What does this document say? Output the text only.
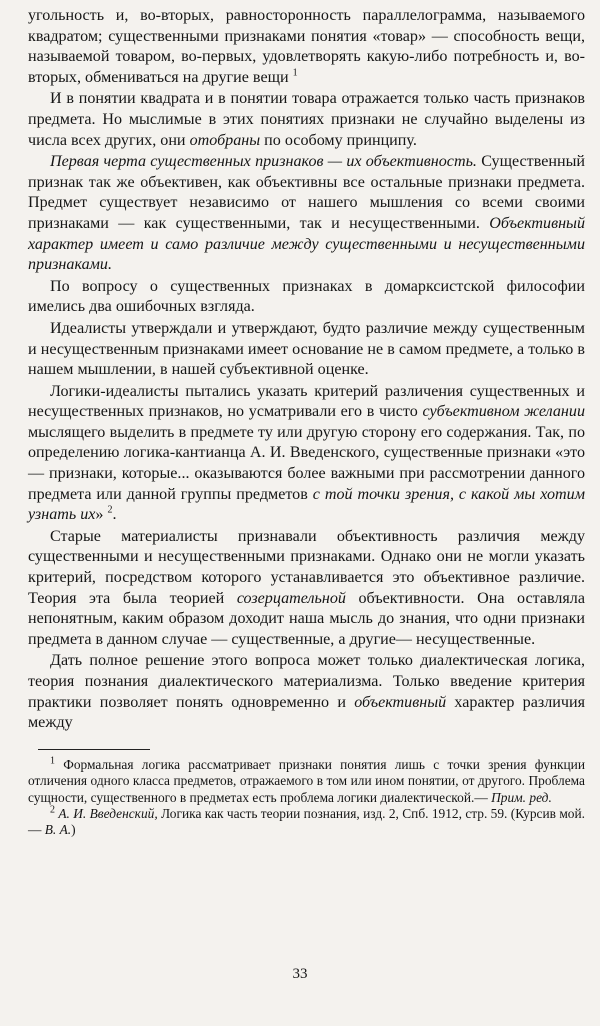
угольность и, во-вторых, равносторонность параллелограмма, называемого квадратом; существенными признаками понятия «товар» — способность вещи, называемой товаром, во-первых, удовлетворять какую-либо потребность и, во-вторых, обмениваться на другие вещи $^1$

И в понятии квадрата и в понятии товара отражается только часть признаков предмета. Но мыслимые в этих понятиях признаки не случайно выделены из числа всех других, они отобраны по особому принципу.

Первая черта существенных признаков — их объективность. Существенный признак так же объективен, как объективны все остальные признаки предмета. Предмет существует независимо от нашего мышления со всеми своими признаками — как существенными, так и несущественными. Объективный характер имеет и само различие между существенными и несущественными признаками.

По вопросу о существенных признаках в домарксистской философии имелись два ошибочных взгляда.

Идеалисты утверждали и утверждают, будто различие между существенным и несущественным признаками имеет основание не в самом предмете, а только в нашем мышлении, в нашей субъективной оценке.

Логики-идеалисты пытались указать критерий различения существенных и несущественных признаков, но усматривали его в чисто субъективном желании мыслящего выделить в предмете ту или другую сторону его содержания. Так, по определению логика-кантианца А. И. Введенского, существенные признаки «это — признаки, которые... оказываются более важными при рассмотрении данного предмета или данной группы предметов с той точки зрения, с какой мы хотим узнать их» $^2$.

Старые материалисты признавали объективность различия между существенными и несущественными признаками. Однако они не могли указать критерий, посредством которого устанавливается это объективное различие. Теория эта была теорией созерцательной объективности. Она оставляла непонятным, каким образом доходит наша мысль до знания, что одни признаки предмета в данном случае — существенные, а другие— несущественные.

Дать полное решение этого вопроса может только диалектическая логика, теория познания диалектического материализма. Только введение критерия практики позволяет понять одновременно и объективный характер различия между

$^1$ Формальная логика рассматривает признаки понятия лишь с точки зрения функции отличения одного класса предметов, отражаемого в том или ином понятии, от другого. Проблема сущности, существенного в предметах есть проблема логики диалектической.— Прим. ред.

$^2$ А. И. Введенский, Логика как часть теории познания, изд. 2, Спб. 1912, стр. 59. (Курсив мой.— В. А.)

33
